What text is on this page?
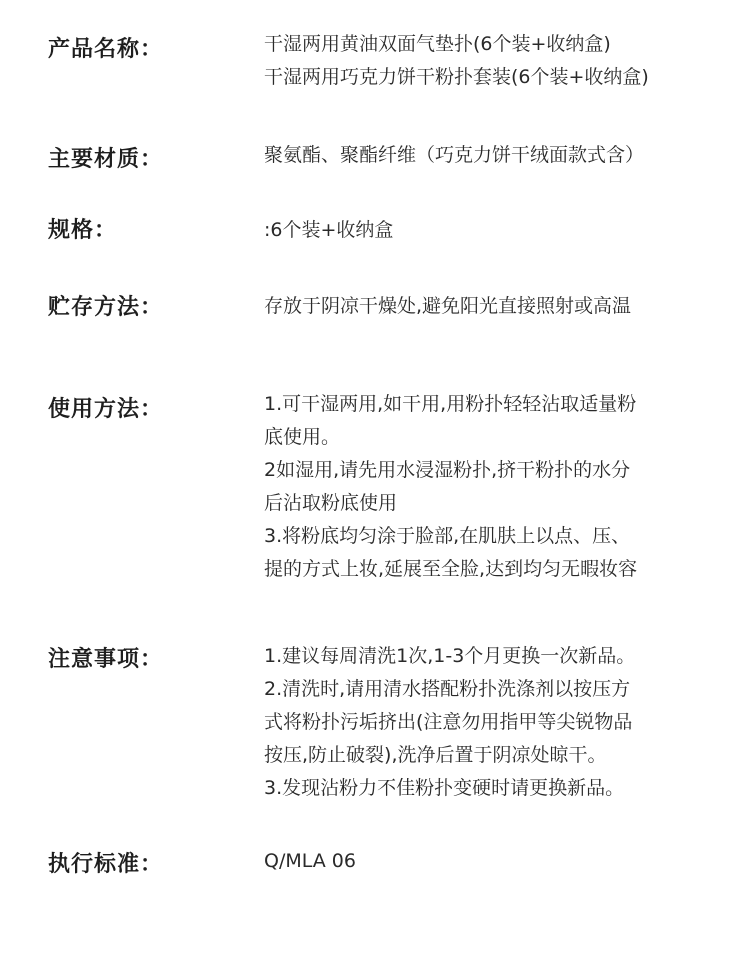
产品名称：	干湿两用黄油双面气垫扑(6个装+收纳盒)
干湿两用巧克力饼干粉扑套装(6个装+收纳盒)
主要材质：	聚氨酯、聚酯纤维（巧克力饼干绒面款式含）
规格：	:6个装+收纳盒
贮存方法：	存放于阴凉干燥处,避免阳光直接照射或高温
使用方法：	1.可干湿两用,如干用,用粉扑轻轻沾取适量粉
底使用。
2如湿用,请先用水浸湿粉扑,挤干粉扑的水分
后沾取粉底使用
3.将粉底均匀涂于脸部,在肌肤上以点、压、
提的方式上妆,延展至全脸,达到均匀无暇妆容
注意事项：	1.建议每周清洗1次,1-3个月更换一次新品。
2.清洗时,请用清水搭配粉扑洗涤剂以按压方
式将粉扑污垢挤出(注意勿用指甲等尖锐物品
按压,防止破裂),洗净后置于阴凉处晾干。
3.发现沾粉力不佳粉扑变硬时请更换新品。
执行标准：	Q/MLA 06
